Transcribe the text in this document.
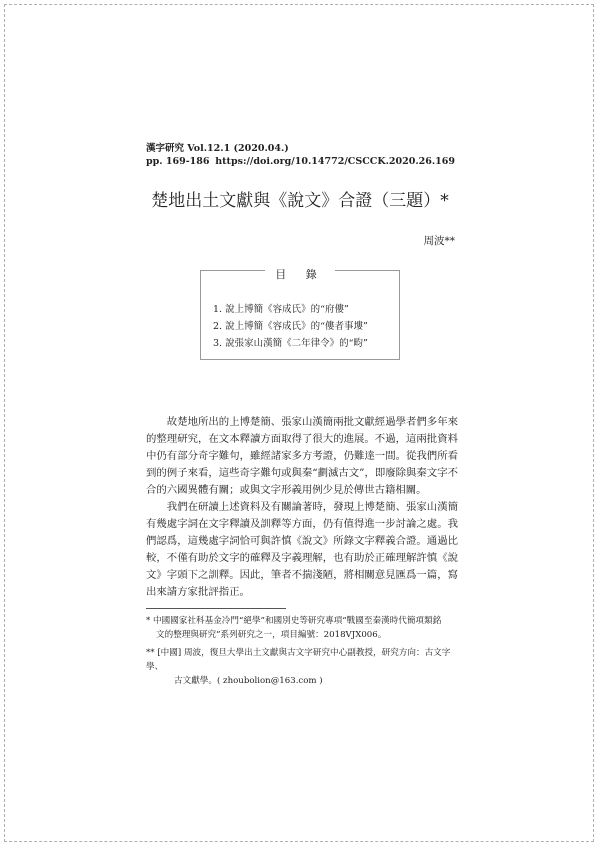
漢字研究 Vol.12.1 (2020.04.)
pp. 169-186 https://doi.org/10.14772/CSCCK.2020.26.169
楚地出土文獻與《說文》合證（三題）*
周波**
目 錄
1. 說上博簡《容成氏》的“府僂”
2. 說上博簡《容成氏》的“僂者事塿”
3. 說張家山漢簡《二年律令》的“畇”

故楚地所出的上博楚簡、張家山漢簡兩批文獻經過學者們多年來的整理研究，在文本釋讀方面取得了很大的進展。不過，這兩批資料中仍有部分奇字難句，雖經諸家多方考證，仍難達一間。從我們所看到的例子來看，這些奇字難句或與秦“劃滅古文”，即廢除與秦文字不合的六國異體有關；或與文字形義用例少見於傳世古籍相關。

我們在研讀上述資料及有關論著時，發現上博楚簡、張家山漢簡有幾處字詞在文字釋讀及訓釋等方面，仍有值得進一步討論之處。我們認爲，這幾處字詞恰可與許慎《說文》所錄文字釋義合證。通過比較，不僅有助於文字的確釋及字義理解，也有助於正確理解許慎《說文》字頭下之訓釋。因此，筆者不揣淺陋，將相關意見匯爲一篇，寫出來請方家批評指正。

* 中國國家社科基金冷門“絕學”和國別史等研究專項“戰國至秦漢時代簡項類銘
文的整理與研究”系列研究之一，項目編號：2018VJX006。
** [中國] 周波，復旦大學出土文獻與古文字研究中心副教授，研究方向：古文字學、
古文獻學。( zhoubolion@163.com )
